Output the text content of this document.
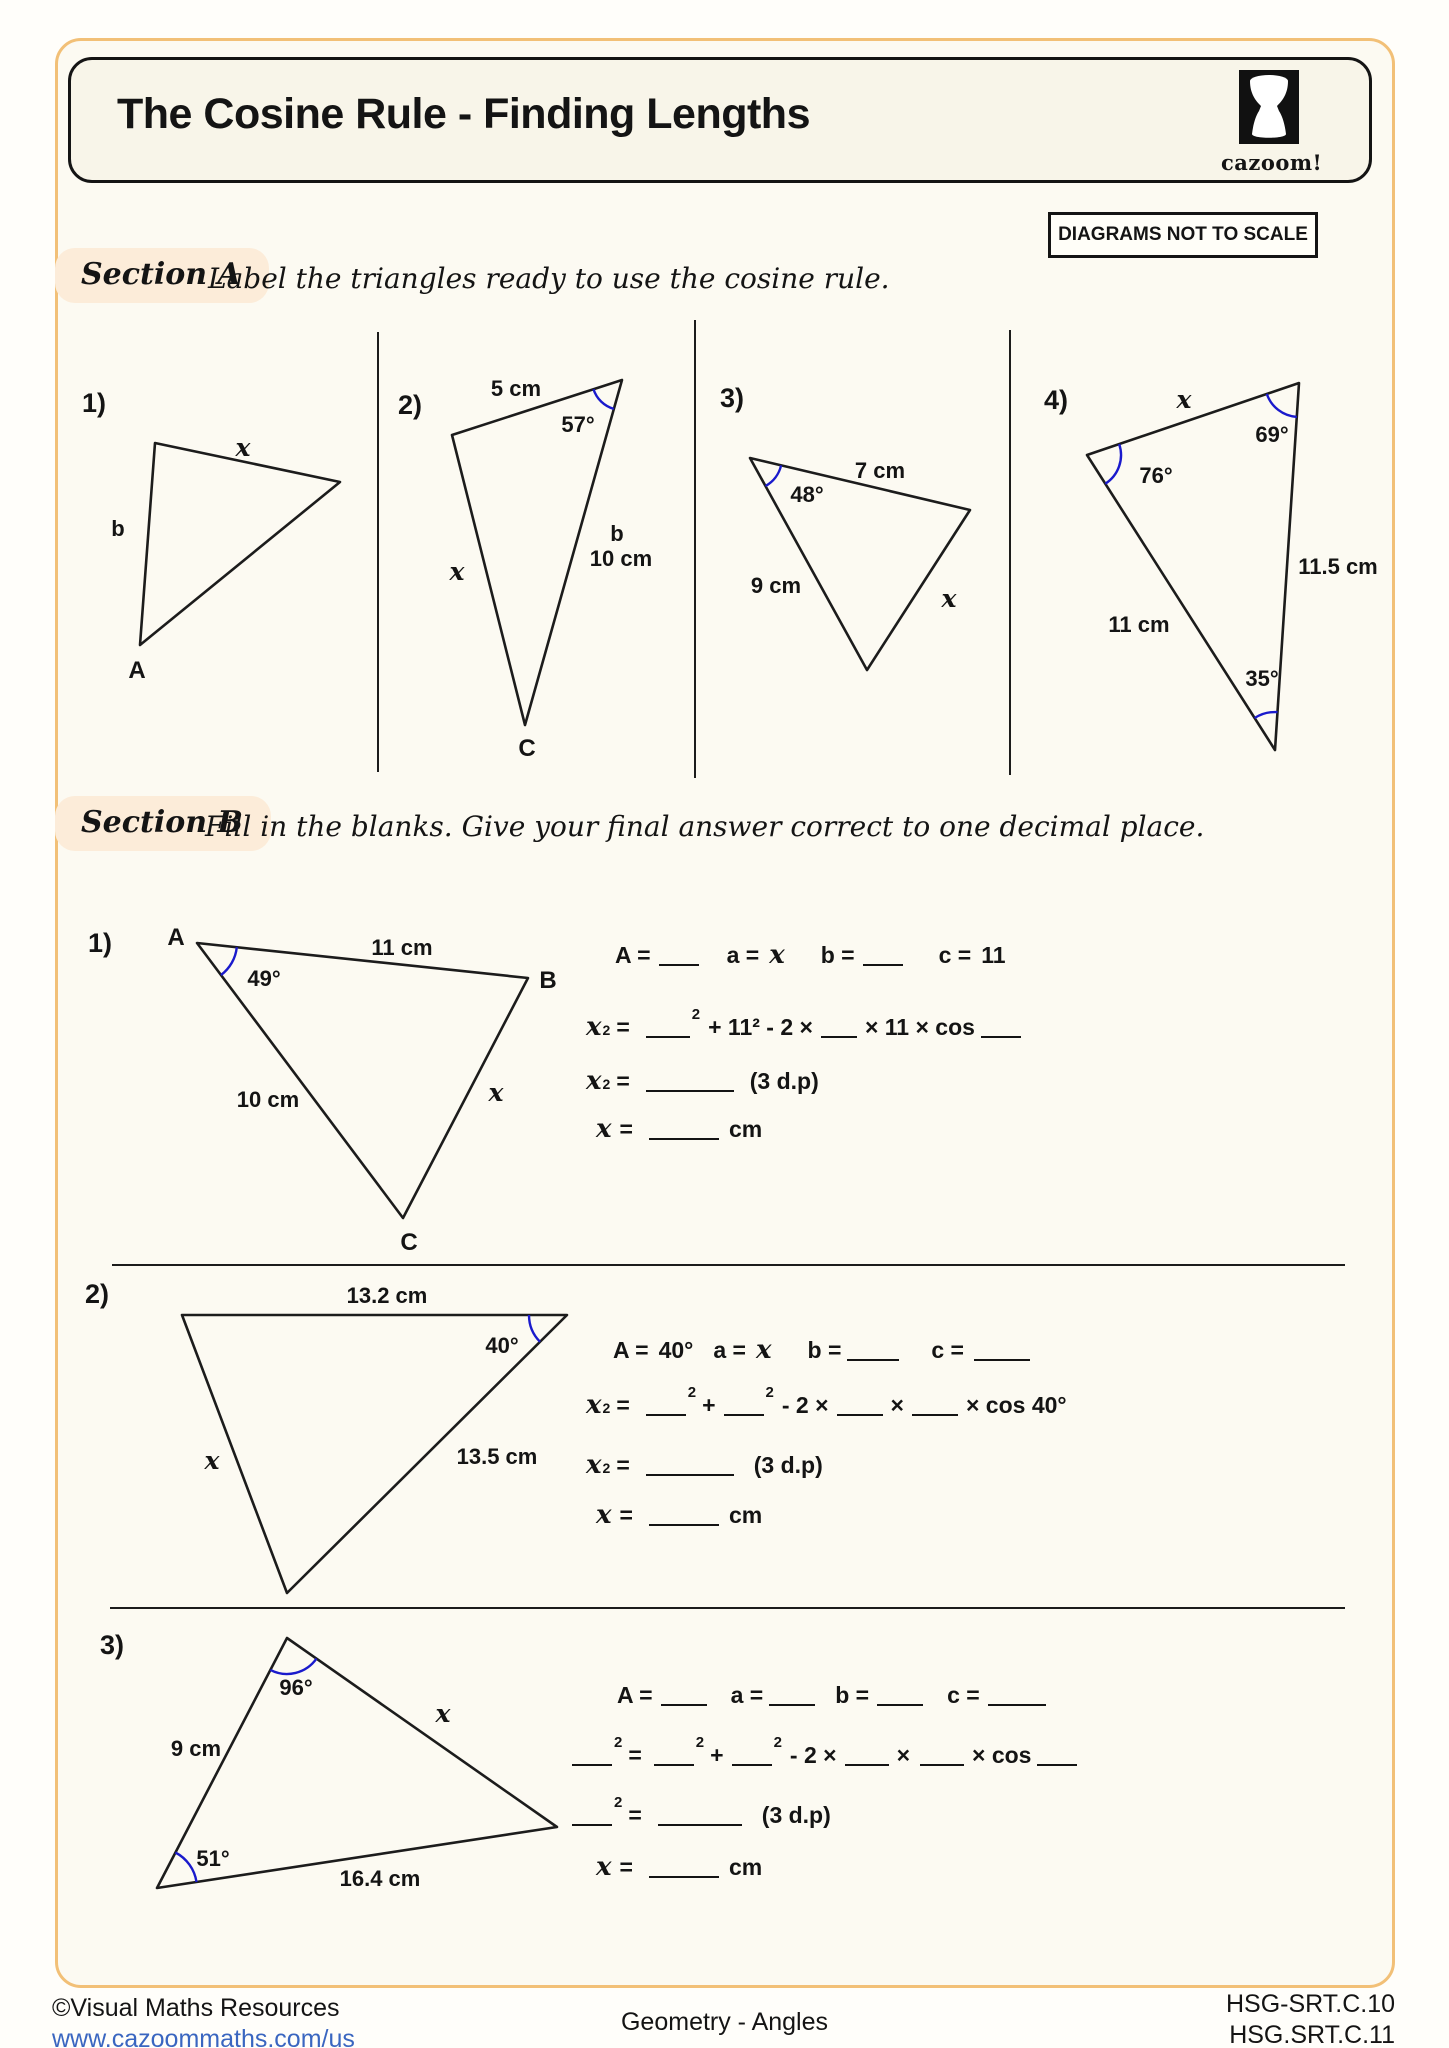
The Cosine Rule - Finding Lengths
cazoom!
DIAGRAMS NOT TO SCALE
Section A
Label the triangles ready to use the cosine rule.
Section B
Fill in the blanks. Give your final answer correct to one decimal place.
1)
x
b
A
2)
5 cm
57°
b
10 cm
x
C
3)
7 cm
48°
9 cm	x
4)	x
69°
76°
11.5 cm
11 cm
35°
1) A
B
C
11 cm
49°
10 cm	x
2)	13.2 cm
40°
x	13.5 cm
3)
96°
x
9 cm
51°
16.4 cm
A =	a = x b =	c = 11
x 2 =	$^2$ + 11² - 2 × × 11 × cos
x 2 =	(3 d.p)
x =	cm
A = 40° a = x b =	c =
x 2 =	$^2$ +	$^2$ - 2 ×	×	× cos 40°
x 2 =	(3 d.p)
x =	cm
A =	a =	b =	c =
$^2$ =	$^2$ +	$^2$ - 2 ×	×	× cos
$^2$ =	(3 d.p)
x =	cm
©Visual Maths Resources
www.cazoommaths.com/us
Geometry - Angles
HSG-SRT.C.10
HSG.SRT.C.11
